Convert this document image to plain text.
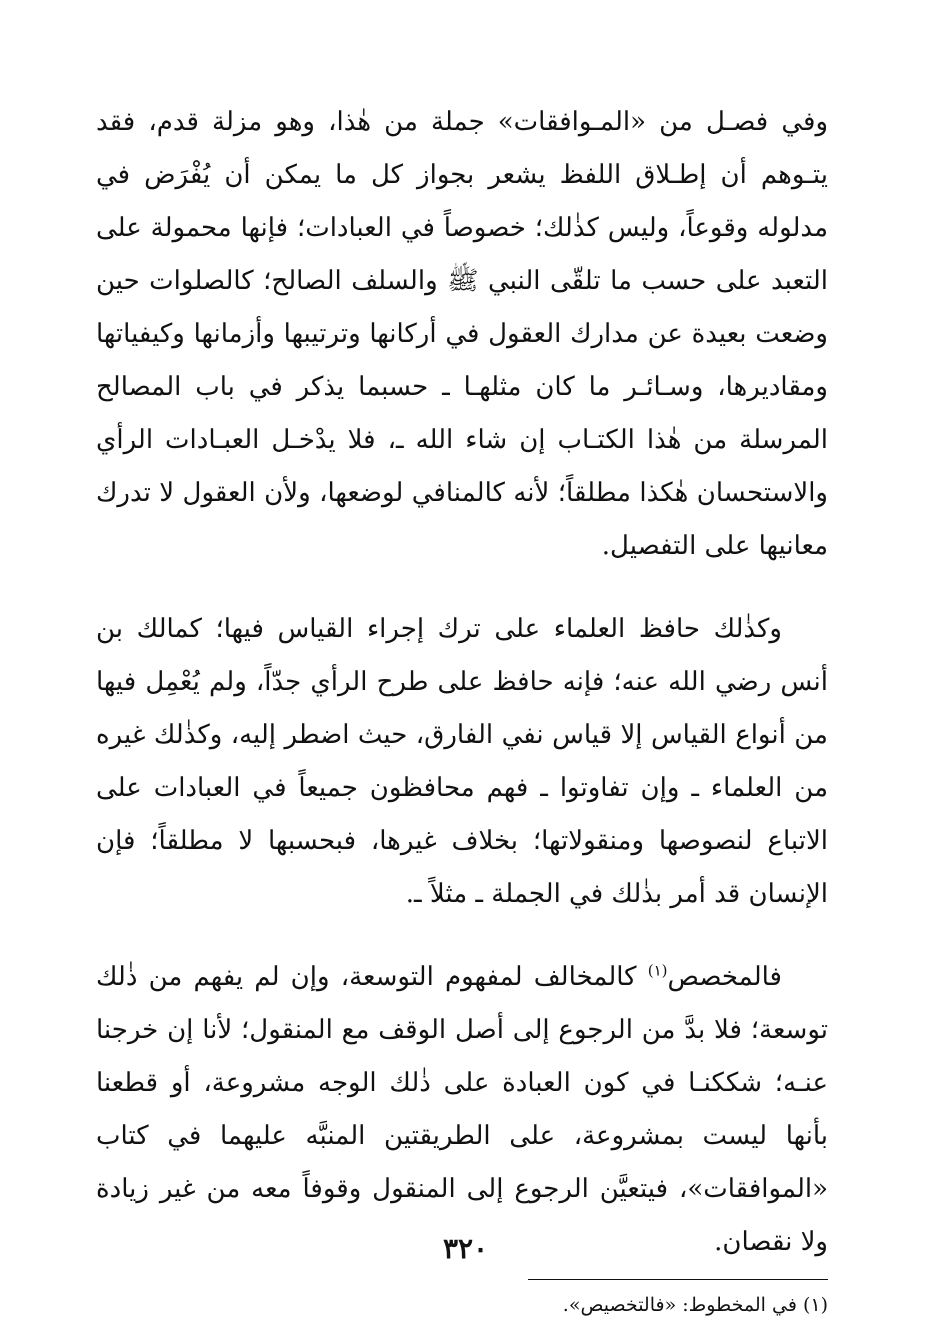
وفي فصـل من «المـوافقات» جملة من هٰذا، وهو مزلة قدم، فقد يتـوهم أن إطـلاق اللفظ يشعر بجواز كل ما يمكن أن يُفْرَض في مدلوله وقوعاً، وليس كذٰلك؛ خصوصاً في العبادات؛ فإنها محمولة على التعبد على حسب ما تلقّى النبي ﷺ والسلف الصالح؛ كالصلوات حين وضعت بعيدة عن مدارك العقول في أركانها وترتيبها وأزمانها وكيفياتها ومقاديرها، وسـائـر ما كان مثلهـا ـ حسبما يذكر في باب المصالح المرسلة من هٰذا الكتـاب إن شاء الله ـ، فلا يدْخـل العبـادات الرأي والاستحسان هٰكذا مطلقاً؛ لأنه كالمنافي لوضعها، ولأن العقول لا تدرك معانيها على التفصيل.

وكذٰلك حافظ العلماء على ترك إجراء القياس فيها؛ كمالك بن أنس رضي الله عنه؛ فإنه حافظ على طرح الرأي جدّاً، ولم يُعْمِل فيها من أنواع القياس إلا قياس نفي الفارق، حيث اضطر إليه، وكذٰلك غيره من العلماء ـ وإن تفاوتوا ـ فهم محافظون جميعاً في العبادات على الاتباع لنصوصها ومنقولاتها؛ بخلاف غيرها، فبحسبها لا مطلقاً؛ فإن الإنسان قد أمر بذٰلك في الجملة ـ مثلاً ـ.

فالمخصص$^{(١)}$ كالمخالف لمفهوم التوسعة، وإن لم يفهم من ذٰلك توسعة؛ فلا بدَّ من الرجوع إلى أصل الوقف مع المنقول؛ لأنا إن خرجنا عنـه؛ شككنـا في كون العبادة على ذٰلك الوجه مشروعة، أو قطعنا بأنها ليست بمشروعة، على الطريقتين المنبَّه عليهما في كتاب «الموافقات»، فيتعيَّن الرجوع إلى المنقول وقوفاً معه من غير زيادة ولا نقصان.

(١) في المخطوط: «فالتخصيص».

٣٢٠
